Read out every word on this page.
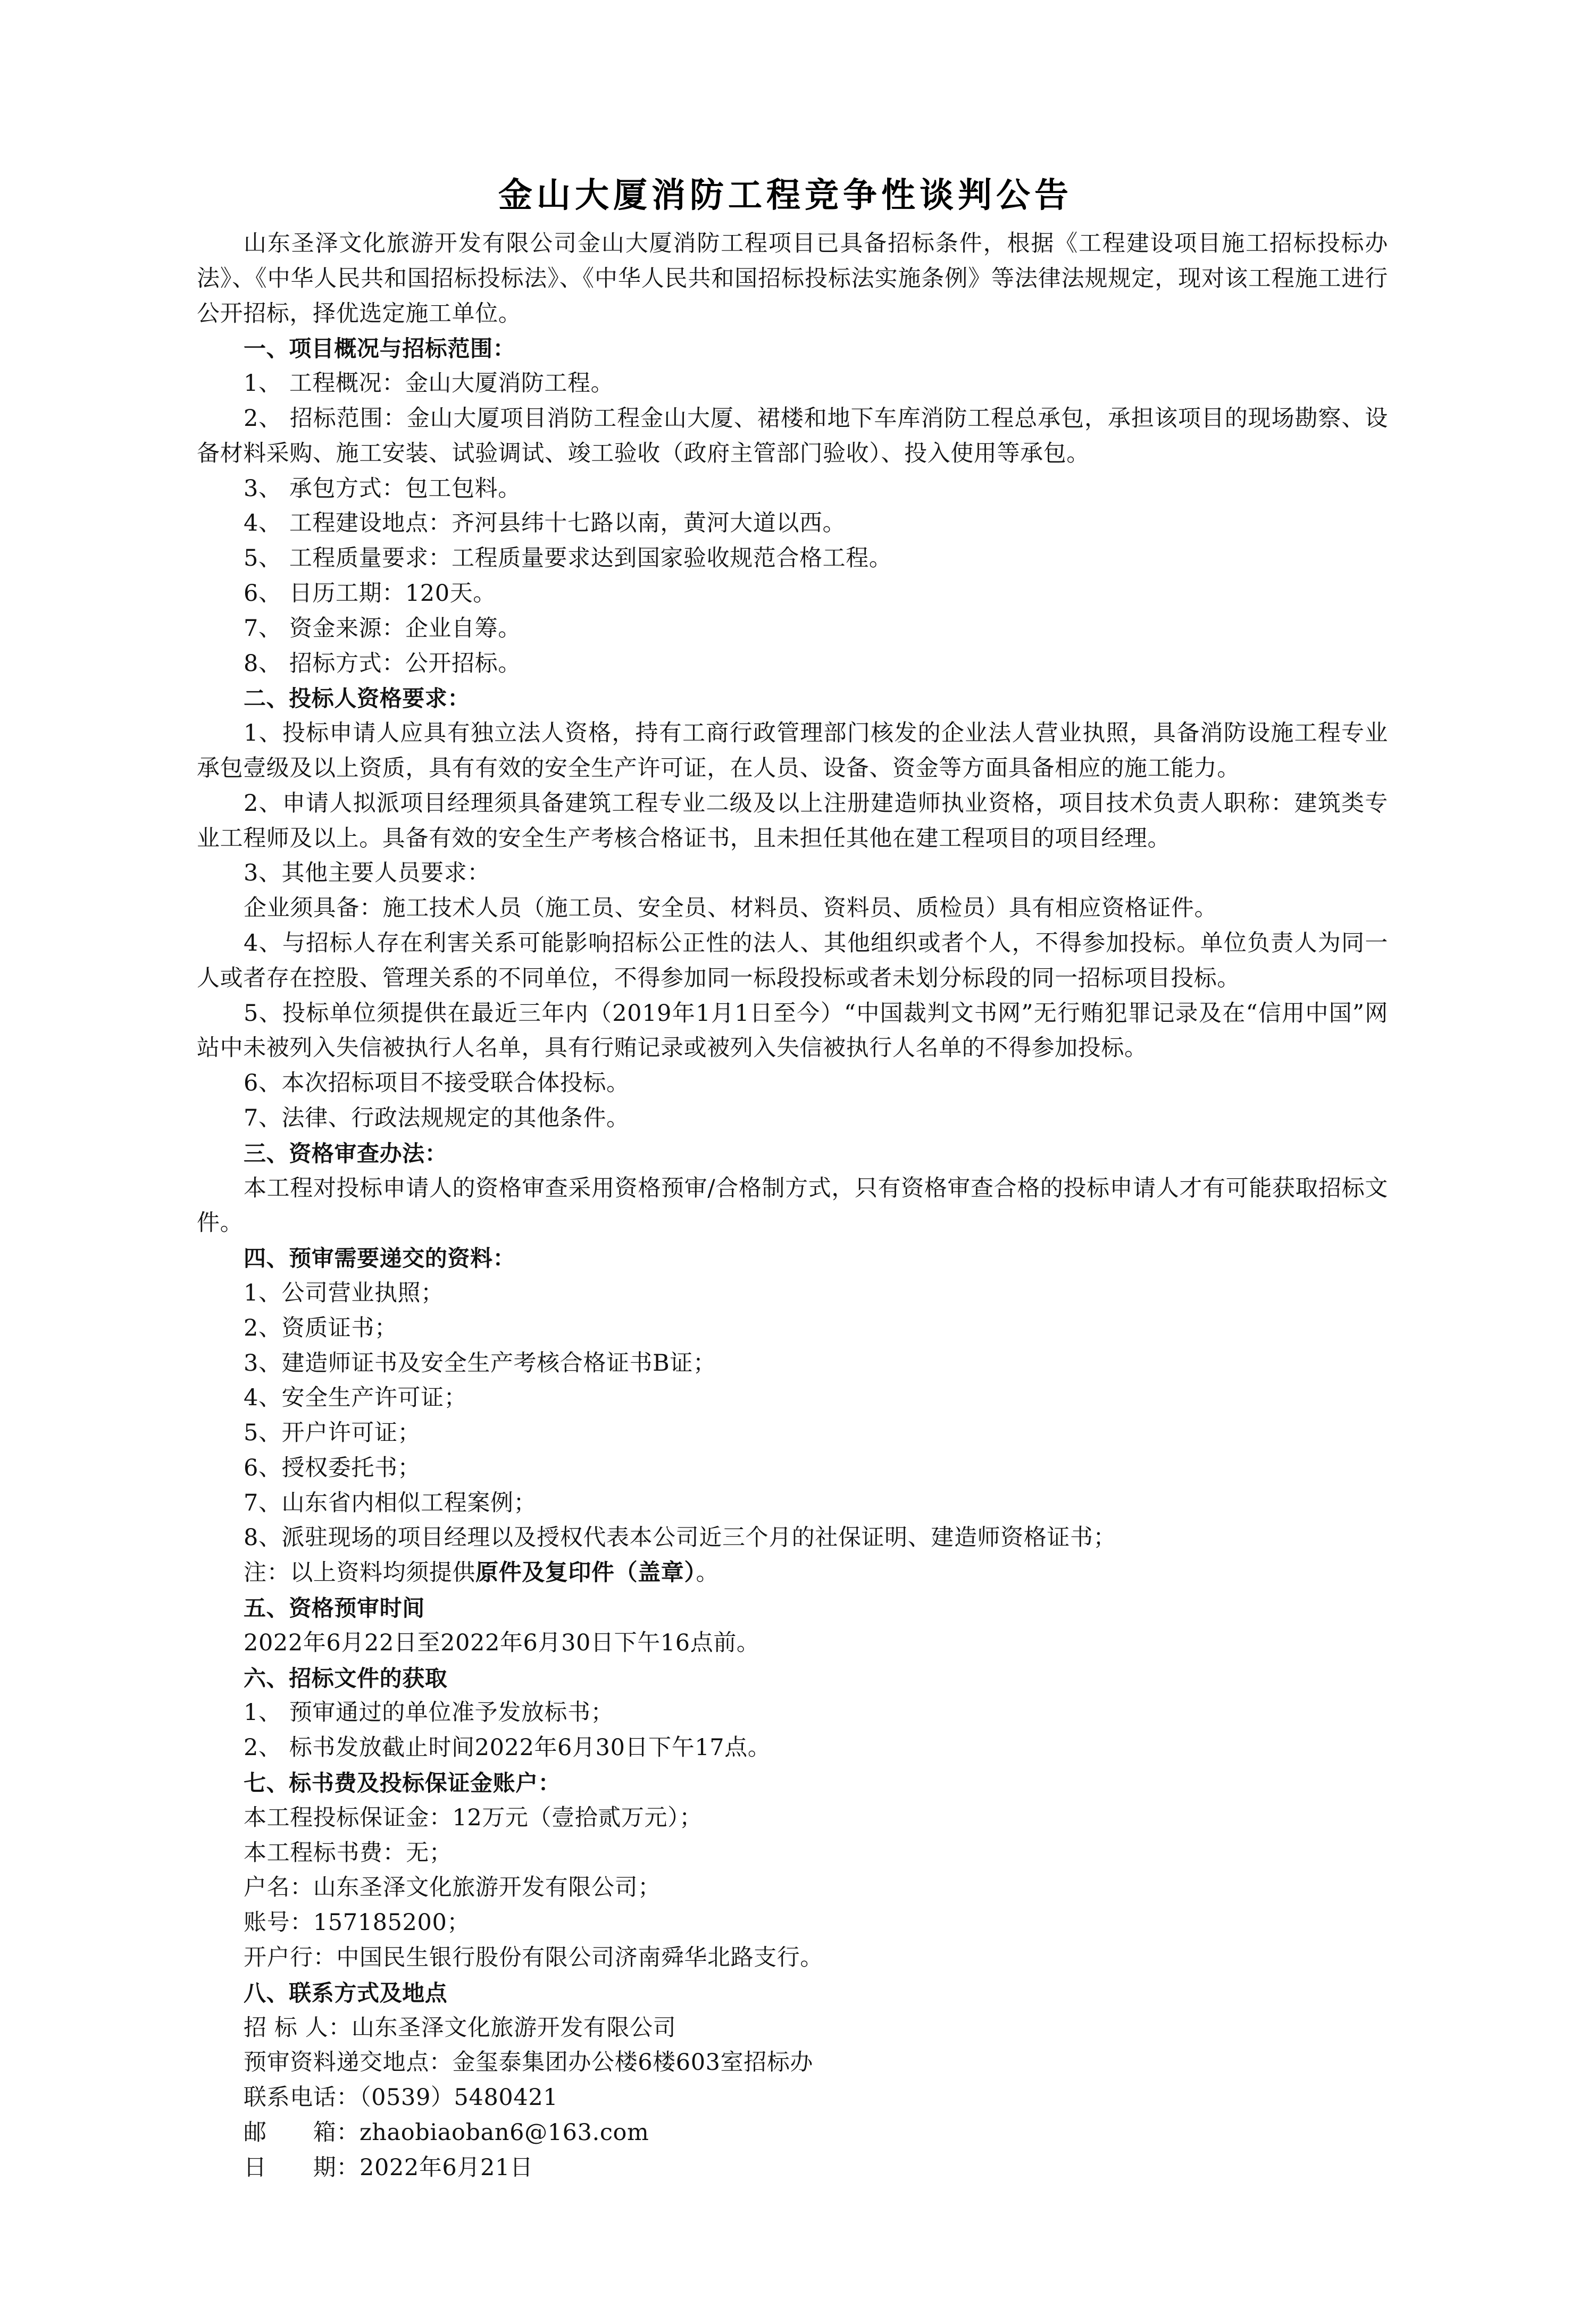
金山大厦消防工程竞争性谈判公告

山东圣泽文化旅游开发有限公司金山大厦消防工程项目已具备招标条件，根据《工程建设项目施工招标投标办法》、《中华人民共和国招标投标法》、《中华人民共和国招标投标法实施条例》等法律法规规定，现对该工程施工进行公开招标，择优选定施工单位。

一、项目概况与招标范围：

1、 工程概况：金山大厦消防工程。

2、 招标范围：金山大厦项目消防工程金山大厦、裙楼和地下车库消防工程总承包，承担该项目的现场勘察、设备材料采购、施工安装、试验调试、竣工验收（政府主管部门验收）、投入使用等承包。

3、 承包方式：包工包料。

4、 工程建设地点：齐河县纬十七路以南，黄河大道以西。

5、 工程质量要求：工程质量要求达到国家验收规范合格工程。

6、 日历工期：120天。

7、 资金来源：企业自筹。

8、 招标方式：公开招标。

二、投标人资格要求：

1、投标申请人应具有独立法人资格，持有工商行政管理部门核发的企业法人营业执照，具备消防设施工程专业承包壹级及以上资质，具有有效的安全生产许可证，在人员、设备、资金等方面具备相应的施工能力。

2、申请人拟派项目经理须具备建筑工程专业二级及以上注册建造师执业资格，项目技术负责人职称：建筑类专业工程师及以上。具备有效的安全生产考核合格证书，且未担任其他在建工程项目的项目经理。

3、其他主要人员要求：

企业须具备：施工技术人员（施工员、安全员、材料员、资料员、质检员）具有相应资格证件。

4、与招标人存在利害关系可能影响招标公正性的法人、其他组织或者个人，不得参加投标。单位负责人为同一人或者存在控股、管理关系的不同单位，不得参加同一标段投标或者未划分标段的同一招标项目投标。

5、投标单位须提供在最近三年内（2019年1月1日至今）“中国裁判文书网”无行贿犯罪记录及在“信用中国”网站中未被列入失信被执行人名单，具有行贿记录或被列入失信被执行人名单的不得参加投标。

6、本次招标项目不接受联合体投标。

7、法律、行政法规规定的其他条件。

三、资格审查办法：

本工程对投标申请人的资格审查采用资格预审/合格制方式，只有资格审查合格的投标申请人才有可能获取招标文件。

四、预审需要递交的资料：

1、公司营业执照；

2、资质证书；

3、建造师证书及安全生产考核合格证书B证；

4、安全生产许可证；

5、开户许可证；

6、授权委托书；

7、山东省内相似工程案例；

8、派驻现场的项目经理以及授权代表本公司近三个月的社保证明、建造师资格证书；

注：以上资料均须提供原件及复印件（盖章）。

五、资格预审时间

2022年6月22日至2022年6月30日下午16点前。

六、招标文件的获取

1、 预审通过的单位准予发放标书；

2、 标书发放截止时间2022年6月30日下午17点。

七、标书费及投标保证金账户：

本工程投标保证金：12万元（壹拾贰万元）；

本工程标书费：无；

户名：山东圣泽文化旅游开发有限公司；

账号：157185200；

开户行：中国民生银行股份有限公司济南舜华北路支行。

八、联系方式及地点

招 标 人：山东圣泽文化旅游开发有限公司

预审资料递交地点：金玺泰集团办公楼6楼603室招标办

联系电话：（0539）5480421

邮　　箱：zhaobiaoban6@163.com

日　　期：2022年6月21日
